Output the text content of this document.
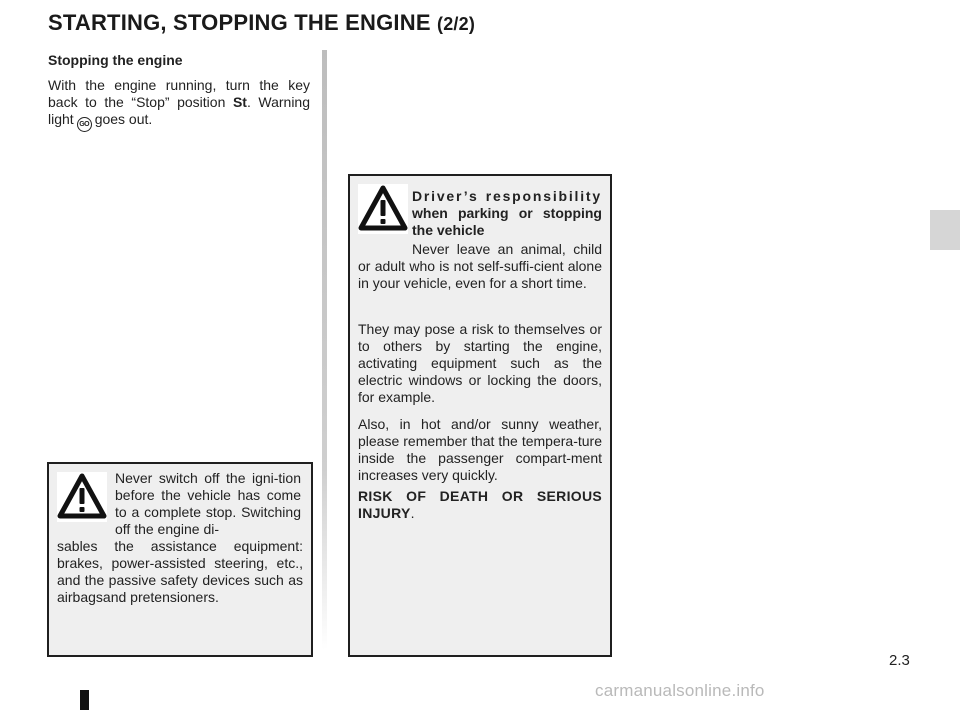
STARTING, STOPPING THE ENGINE (2/2)
Stopping the engine
With the engine running, turn the key back to the “Stop” position St. Warning light GO goes out.
Never switch off the igni-tion before the vehicle has come to a complete stop. Switching off the engine di-
sables the assistance equipment: brakes, power-assisted steering, etc., and the passive safety devices such as airbagsand pretensioners.
Driver’s responsibility when parking or stopping the vehicle
Never leave an animal, child or adult who is not self-suffi-cient alone in your vehicle, even for a short time.
They may pose a risk to themselves or to others by starting the engine, activating equipment such as the electric windows or locking the doors, for example.
Also, in hot and/or sunny weather, please remember that the tempera-ture inside the passenger compart-ment increases very quickly.
RISK OF DEATH OR SERIOUS INJURY.
2.3
carmanualsonline.info
